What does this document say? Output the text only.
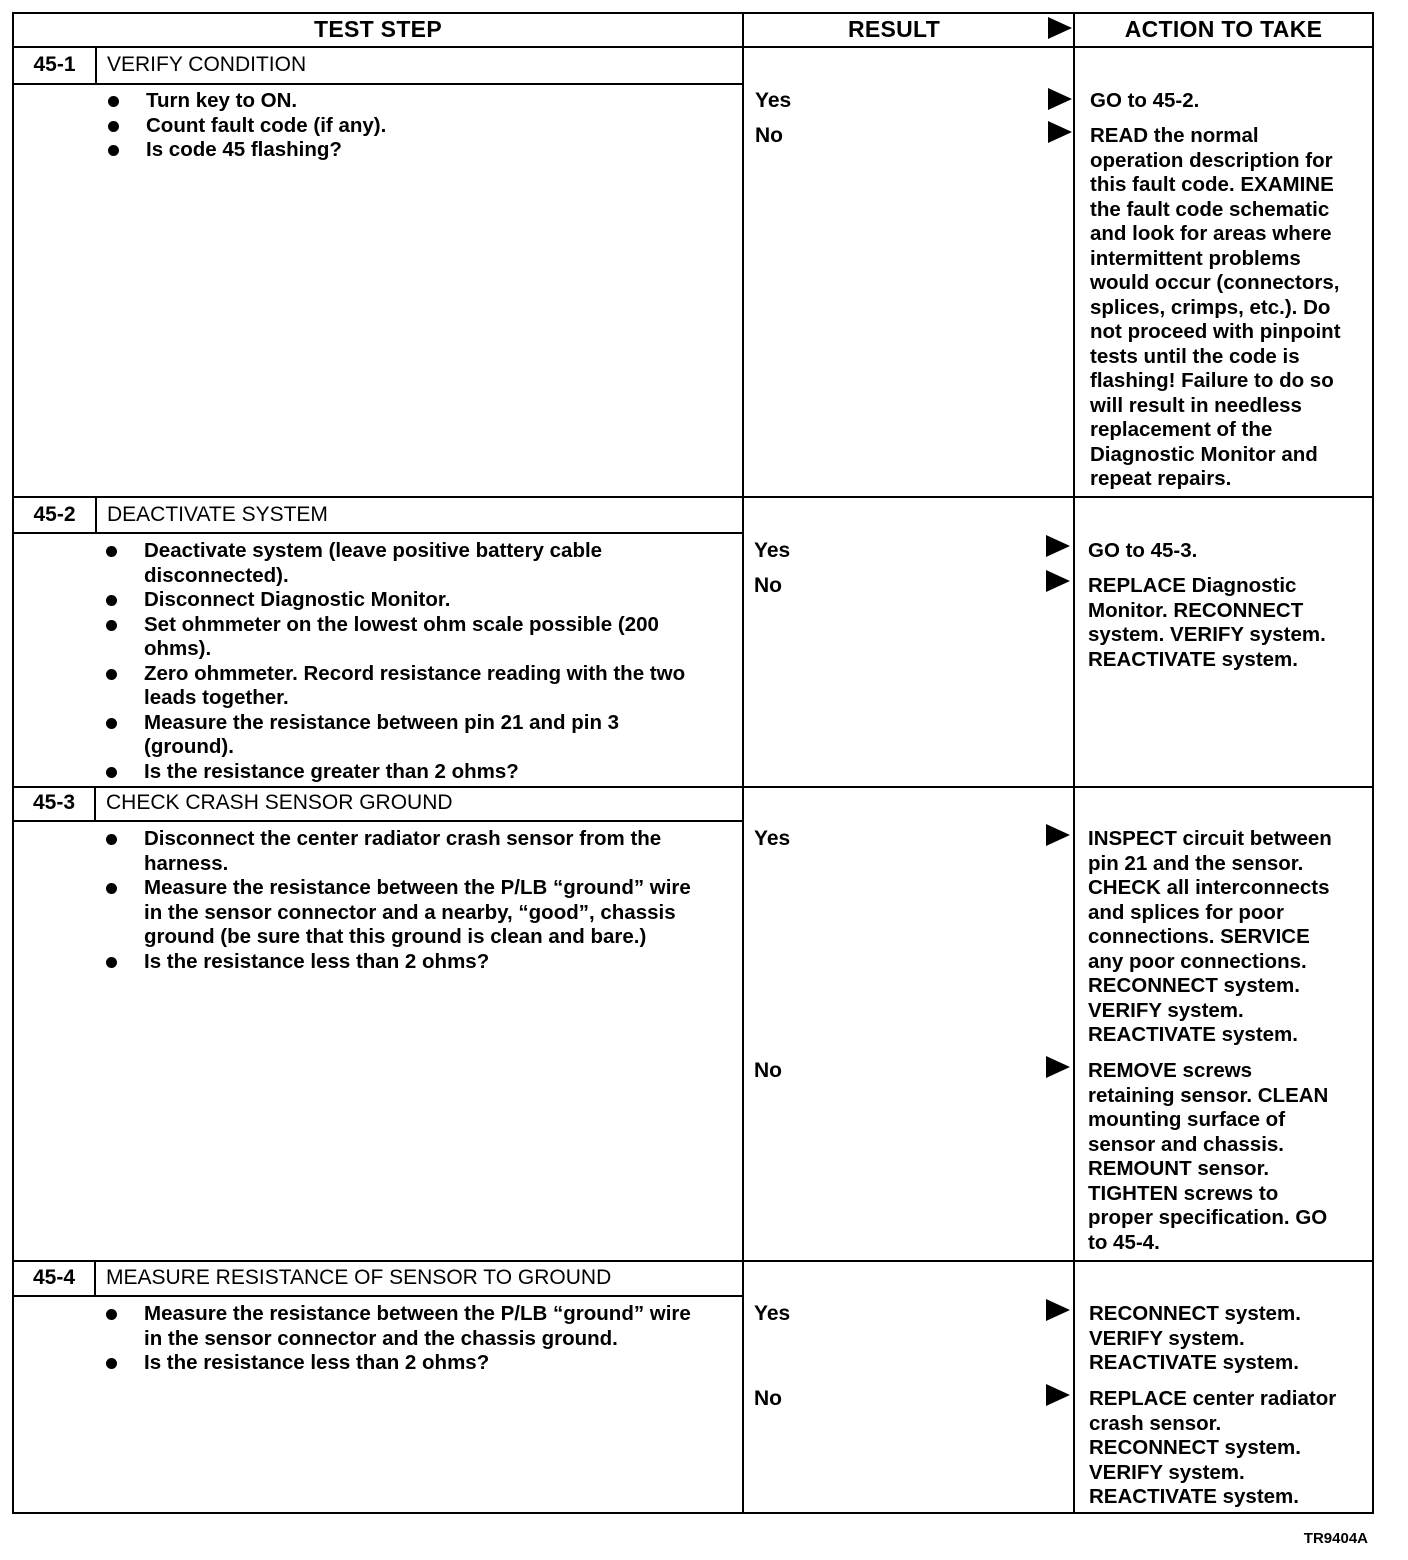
TEST STEP	RESULT	ACTION TO TAKE
45-1	VERIFY CONDITION
Turn key to ON.
Count fault code (if any).
Is code 45 flashing?
Yes	GO to 45-2.
No	READ the normal
operation description for
this fault code. EXAMINE
the fault code schematic
and look for areas where
intermittent problems
would occur (connectors,
splices, crimps, etc.). Do
not proceed with pinpoint
tests until the code is
flashing! Failure to do so
will result in needless
replacement of the
Diagnostic Monitor and
repeat repairs.
45-2	DEACTIVATE SYSTEM
Deactivate system (leave positive battery cable disconnected).
Disconnect Diagnostic Monitor.
Set ohmmeter on the lowest ohm scale possible (200 ohms).
Zero ohmmeter. Record resistance reading with the two leads together.
Measure the resistance between pin 21 and pin 3 (ground).
Is the resistance greater than 2 ohms?
Yes	GO to 45-3.
No	REPLACE Diagnostic
Monitor. RECONNECT
system. VERIFY system.
REACTIVATE system.
45-3	CHECK CRASH SENSOR GROUND
Disconnect the center radiator crash sensor from the harness.
Measure the resistance between the P/LB “ground” wire in the sensor connector and a nearby, “good”, chassis ground (be sure that this ground is clean and bare.)
Is the resistance less than 2 ohms?
Yes	INSPECT circuit between
pin 21 and the sensor.
CHECK all interconnects
and splices for poor
connections. SERVICE
any poor connections.
RECONNECT system.
VERIFY system.
REACTIVATE system.
No	REMOVE screws
retaining sensor. CLEAN
mounting surface of
sensor and chassis.
REMOUNT sensor.
TIGHTEN screws to
proper specification. GO
to 45-4.
45-4	MEASURE RESISTANCE OF SENSOR TO GROUND
Measure the resistance between the P/LB “ground” wire in the sensor connector and the chassis ground.
Is the resistance less than 2 ohms?
Yes	RECONNECT system.
VERIFY system.
REACTIVATE system.
No	REPLACE center radiator
crash sensor.
RECONNECT system.
VERIFY system.
REACTIVATE system.
TR9404A
